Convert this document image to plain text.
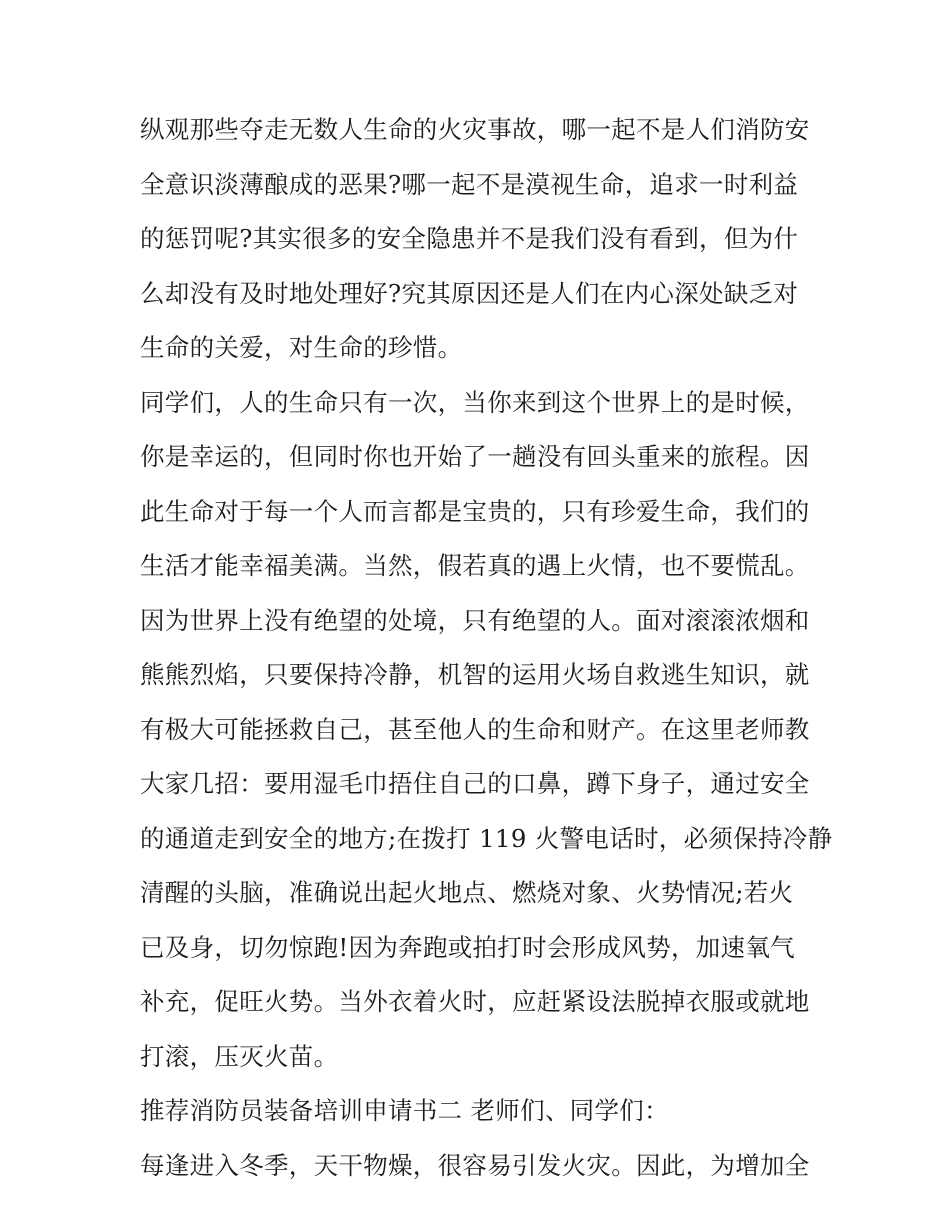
纵观那些夺走无数人生命的火灾事故，哪一起不是人们消防安
全意识淡薄酿成的恶果?哪一起不是漠视生命，追求一时利益
的惩罚呢?其实很多的安全隐患并不是我们没有看到，但为什
么却没有及时地处理好?究其原因还是人们在内心深处缺乏对
生命的关爱，对生命的珍惜。
同学们，人的生命只有一次，当你来到这个世界上的是时候，
你是幸运的，但同时你也开始了一趟没有回头重来的旅程。因
此生命对于每一个人而言都是宝贵的，只有珍爱生命，我们的
生活才能幸福美满。当然，假若真的遇上火情，也不要慌乱。
因为世界上没有绝望的处境，只有绝望的人。面对滚滚浓烟和
熊熊烈焰，只要保持冷静，机智的运用火场自救逃生知识，就
有极大可能拯救自己，甚至他人的生命和财产。在这里老师教
大家几招：要用湿毛巾捂住自己的口鼻，蹲下身子，通过安全
的通道走到安全的地方;在拨打 119 火警电话时，必须保持冷静
清醒的头脑，准确说出起火地点、燃烧对象、火势情况;若火
已及身，切勿惊跑!因为奔跑或拍打时会形成风势，加速氧气
补充，促旺火势。当外衣着火时，应赶紧设法脱掉衣服或就地
打滚，压灭火苗。
推荐消防员装备培训申请书二 老师们、同学们：
每逢进入冬季，天干物燥，很容易引发火灾。因此，为增加全
